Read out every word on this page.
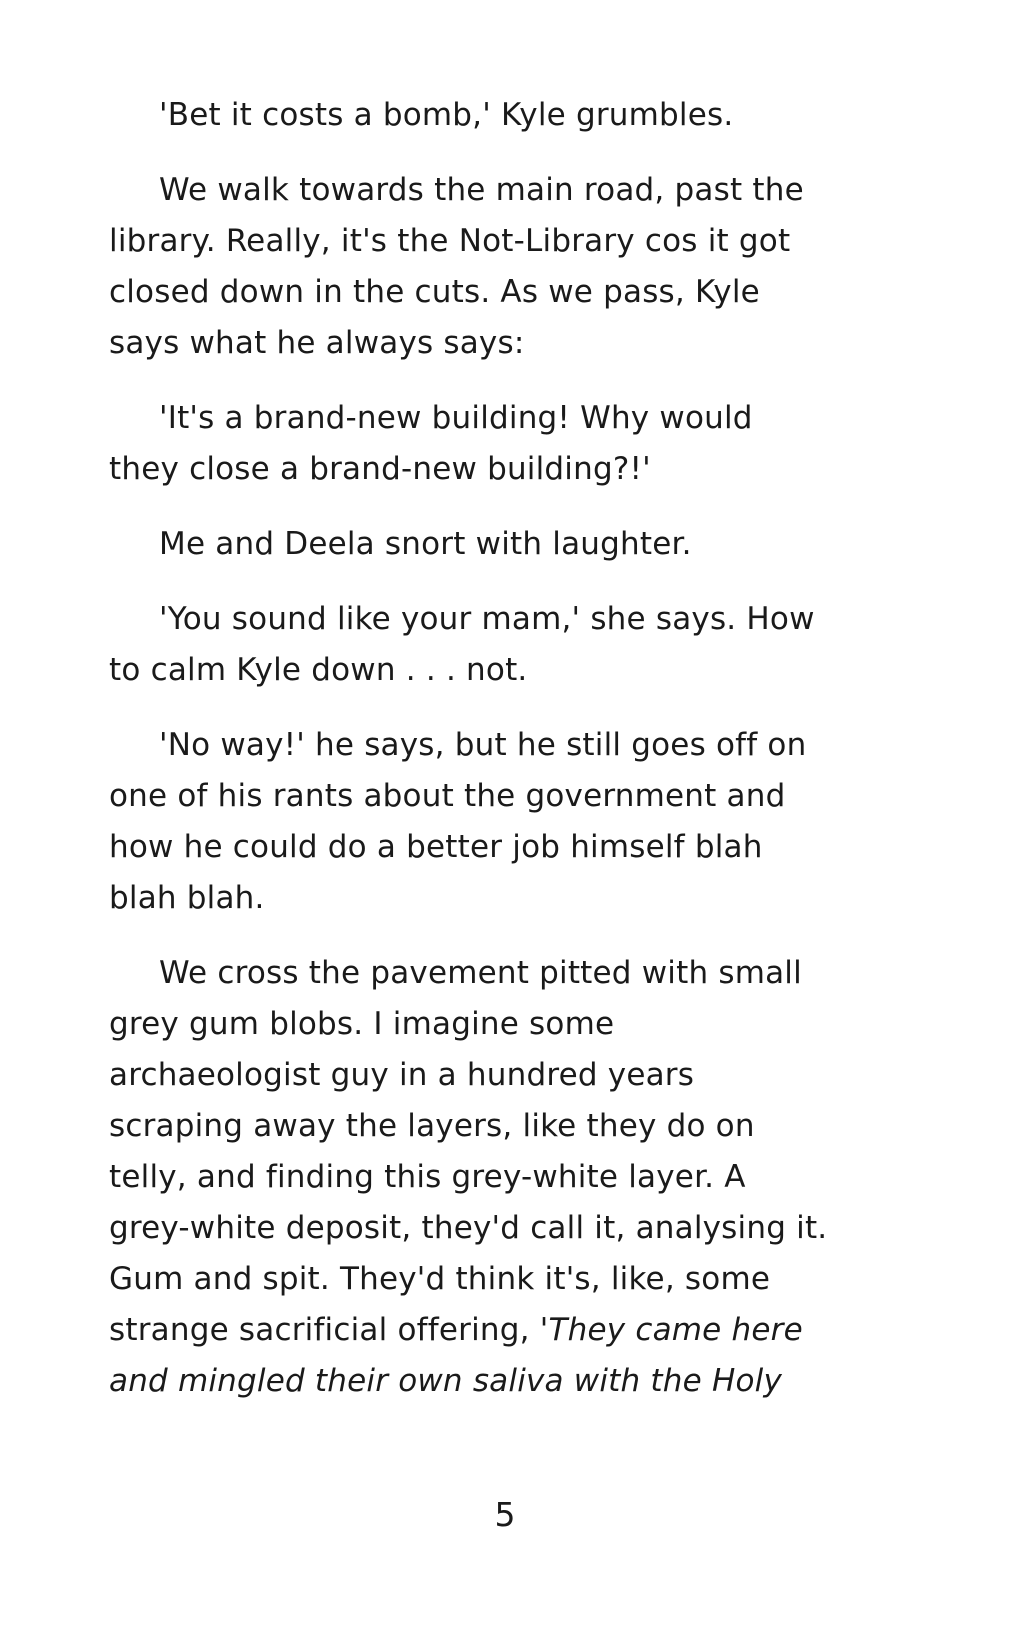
'Bet it costs a bomb,' Kyle grumbles.

We walk towards the main road, past the
library. Really, it's the Not-Library cos it got
closed down in the cuts. As we pass, Kyle
says what he always says:

'It's a brand-new building! Why would
they close a brand-new building?!'

Me and Deela snort with laughter.

'You sound like your mam,' she says. How
to calm Kyle down . . . not.

'No way!' he says, but he still goes off on
one of his rants about the government and
how he could do a better job himself blah
blah blah.

We cross the pavement pitted with small
grey gum blobs. I imagine some
archaeologist guy in a hundred years
scraping away the layers, like they do on
telly, and finding this grey-white layer. A
grey-white deposit, they'd call it, analysing it.
Gum and spit. They'd think it's, like, some
strange sacrificial offering, 'They came here
and mingled their own saliva with the Holy

5
